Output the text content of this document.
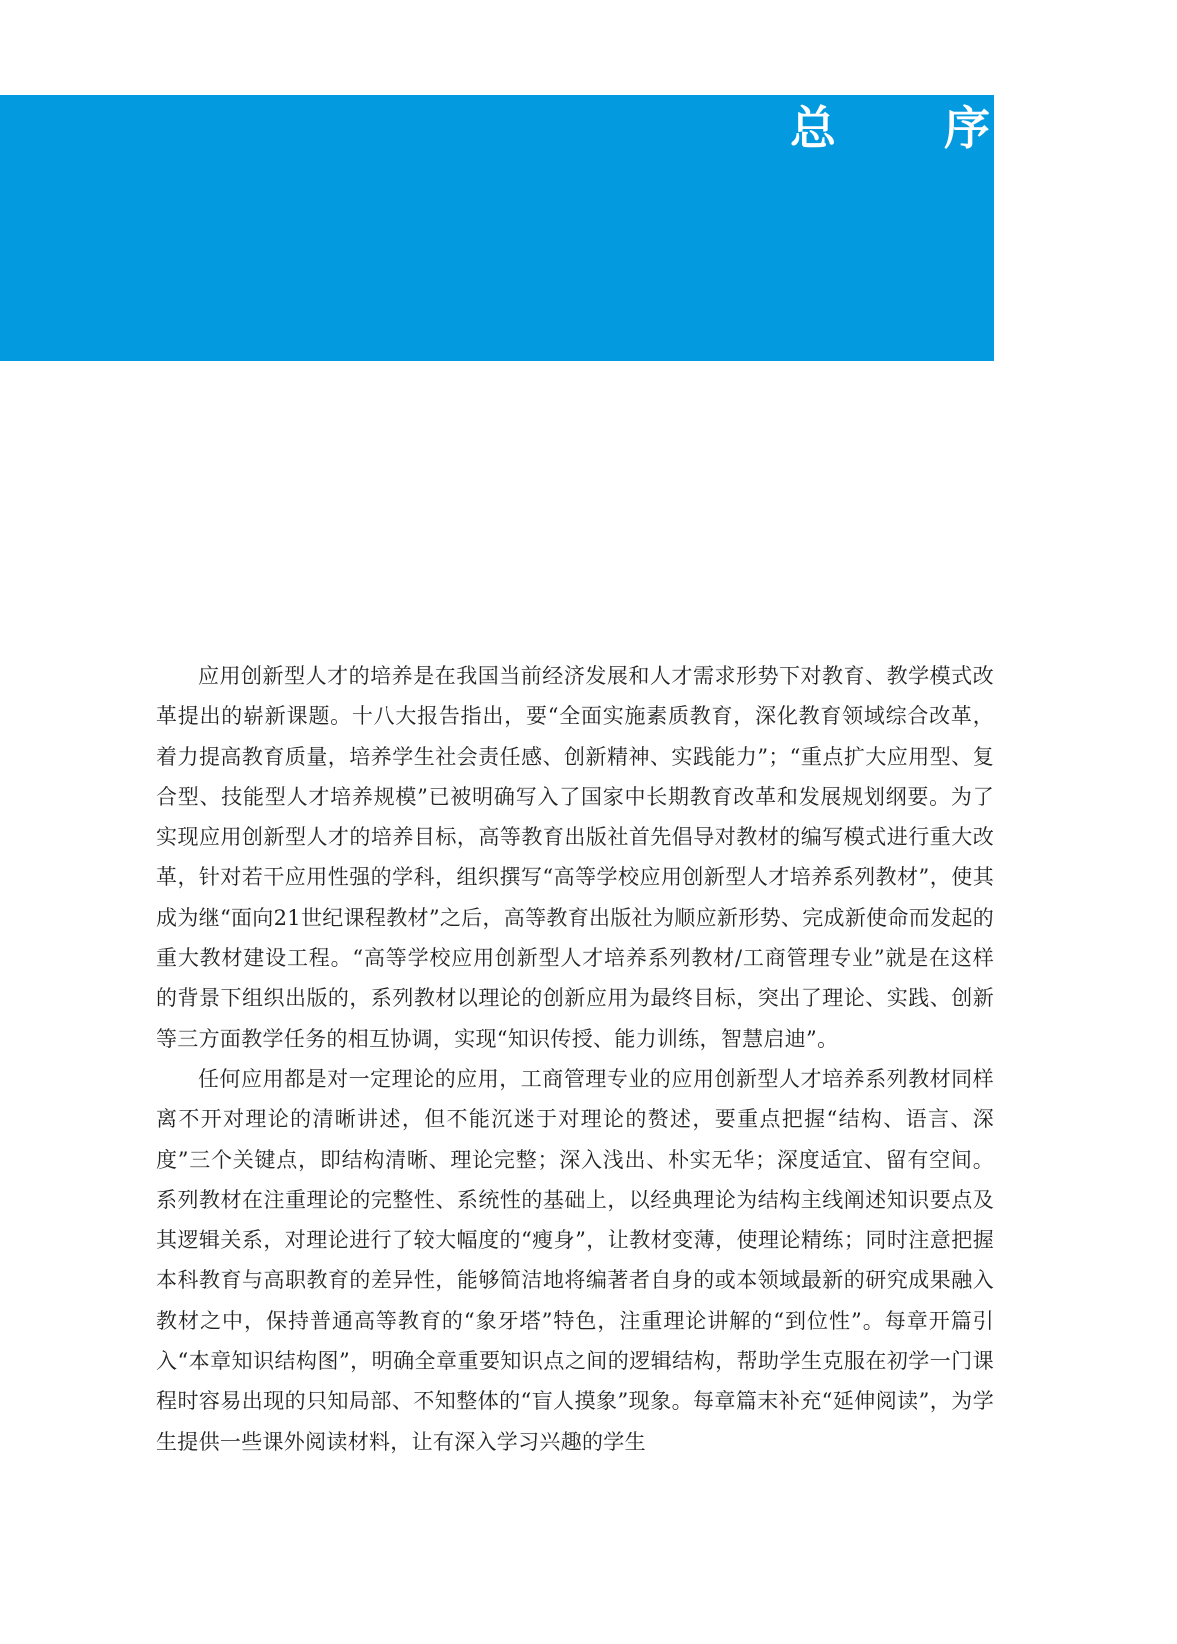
总 序

应用创新型人才的培养是在我国当前经济发展和人才需求形势下对教育、教学模式改革提出的崭新课题。十八大报告指出，要“全面实施素质教育，深化教育领域综合改革，着力提高教育质量，培养学生社会责任感、创新精神、实践能力”；“重点扩大应用型、复合型、技能型人才培养规模”已被明确写入了国家中长期教育改革和发展规划纲要。为了实现应用创新型人才的培养目标，高等教育出版社首先倡导对教材的编写模式进行重大改革，针对若干应用性强的学科，组织撰写“高等学校应用创新型人才培养系列教材”，使其成为继“面向21世纪课程教材”之后，高等教育出版社为顺应新形势、完成新使命而发起的重大教材建设工程。“高等学校应用创新型人才培养系列教材/工商管理专业”就是在这样的背景下组织出版的，系列教材以理论的创新应用为最终目标，突出了理论、实践、创新等三方面教学任务的相互协调，实现“知识传授、能力训练，智慧启迪”。

任何应用都是对一定理论的应用，工商管理专业的应用创新型人才培养系列教材同样离不开对理论的清晰讲述，但不能沉迷于对理论的赘述，要重点把握“结构、语言、深度”三个关键点，即结构清晰、理论完整；深入浅出、朴实无华；深度适宜、留有空间。系列教材在注重理论的完整性、系统性的基础上，以经典理论为结构主线阐述知识要点及其逻辑关系，对理论进行了较大幅度的“瘦身”，让教材变薄，使理论精练；同时注意把握本科教育与高职教育的差异性，能够简洁地将编著者自身的或本领域最新的研究成果融入教材之中，保持普通高等教育的“象牙塔”特色，注重理论讲解的“到位性”。每章开篇引入“本章知识结构图”，明确全章重要知识点之间的逻辑结构，帮助学生克服在初学一门课程时容易出现的只知局部、不知整体的“盲人摸象”现象。每章篇末补充“延伸阅读”，为学生提供一些课外阅读材料，让有深入学习兴趣的学生
